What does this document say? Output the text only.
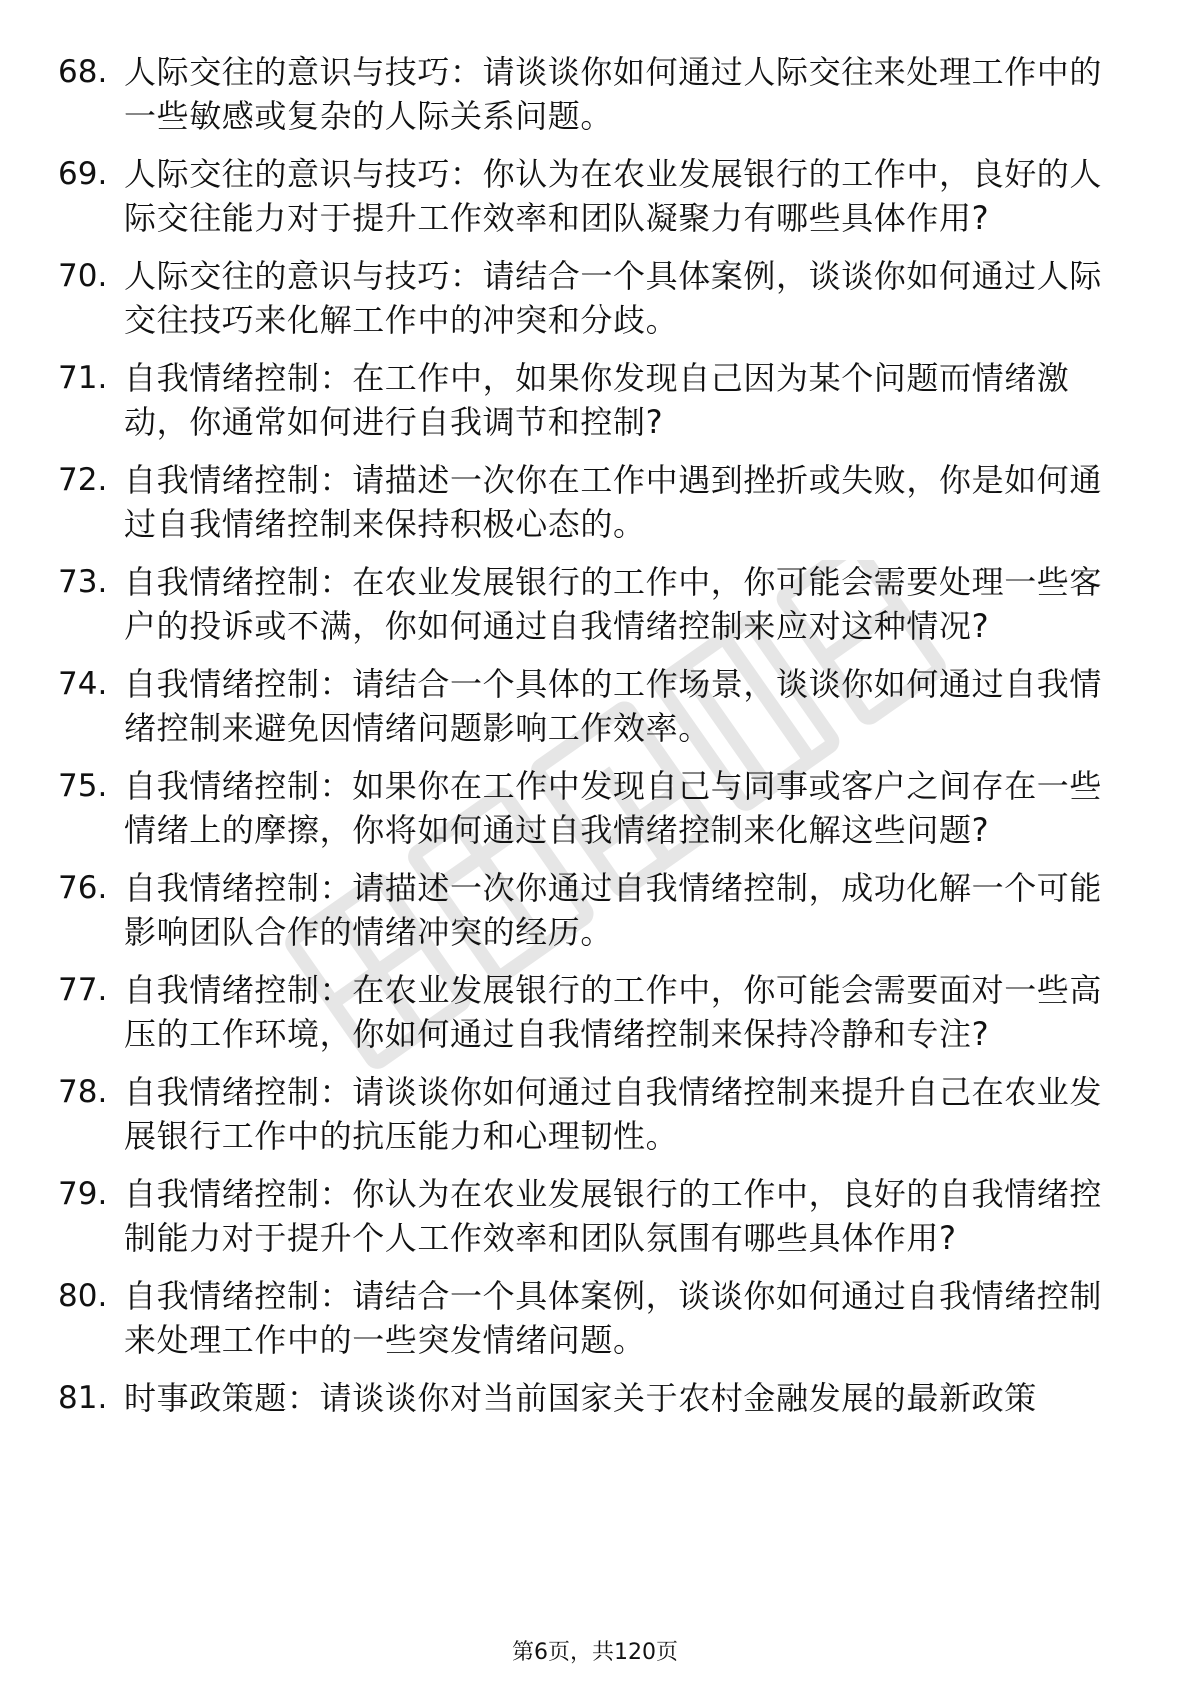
68. 人际交往的意识与技巧：请谈谈你如何通过人际交往来处理工作中的一些敏感或复杂的人际关系问题。
69. 人际交往的意识与技巧：你认为在农业发展银行的工作中，良好的人际交往能力对于提升工作效率和团队凝聚力有哪些具体作用?
70. 人际交往的意识与技巧：请结合一个具体案例，谈谈你如何通过人际交往技巧来化解工作中的冲突和分歧。
71. 自我情绪控制：在工作中，如果你发现自己因为某个问题而情绪激动，你通常如何进行自我调节和控制?
72. 自我情绪控制：请描述一次你在工作中遇到挫折或失败，你是如何通过自我情绪控制来保持积极心态的。
73. 自我情绪控制：在农业发展银行的工作中，你可能会需要处理一些客户的投诉或不满，你如何通过自我情绪控制来应对这种情况?
74. 自我情绪控制：请结合一个具体的工作场景，谈谈你如何通过自我情绪控制来避免因情绪问题影响工作效率。
75. 自我情绪控制：如果你在工作中发现自己与同事或客户之间存在一些情绪上的摩擦，你将如何通过自我情绪控制来化解这些问题?
76. 自我情绪控制：请描述一次你通过自我情绪控制，成功化解一个可能影响团队合作的情绪冲突的经历。
77. 自我情绪控制：在农业发展银行的工作中，你可能会需要面对一些高压的工作环境，你如何通过自我情绪控制来保持冷静和专注?
78. 自我情绪控制：请谈谈你如何通过自我情绪控制来提升自己在农业发展银行工作中的抗压能力和心理韧性。
79. 自我情绪控制：你认为在农业发展银行的工作中，良好的自我情绪控制能力对于提升个人工作效率和团队氛围有哪些具体作用?
80. 自我情绪控制：请结合一个具体案例，谈谈你如何通过自我情绪控制来处理工作中的一些突发情绪问题。
81. 时事政策题：请谈谈你对当前国家关于农村金融发展的最新政策
第6页，共120页
